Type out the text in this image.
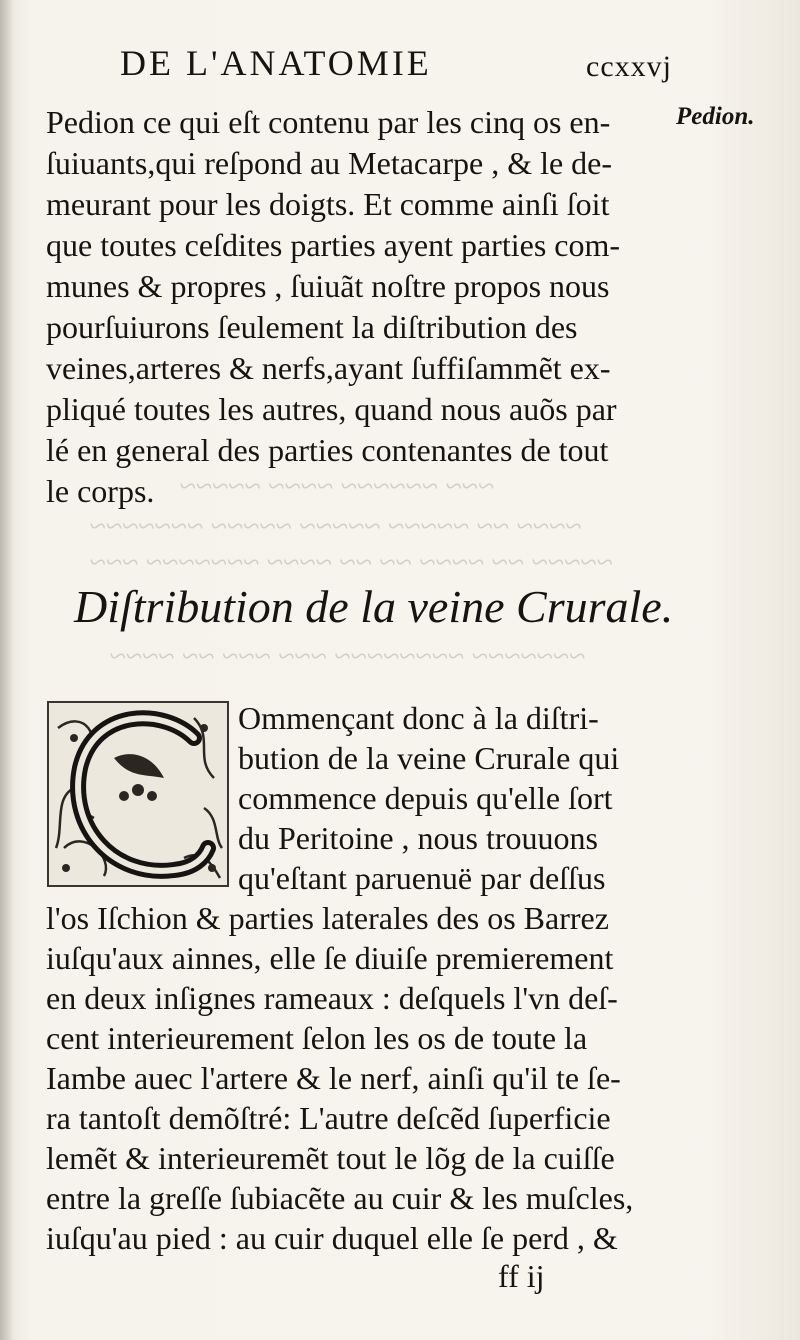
~~~ ~~~~~~ ~~~~ ~~~~~
~~~~ ~~ ~~~~~ ~~~~~ ~~~~~ ~~~~~~~
~~~~~ ~~ ~~~~ ~~ ~~ ~~~~ ~~~~~~~ ~~~
~~~~~~~ ~~~~~~~~ ~~~ ~~~ ~~ ~~~~
DE L'ANATOMIE	ccxxvj
Pedion.
Pedion ce qui eſt contenu par les cinq os en-
ſuiuants,qui reſpond au Metacarpe , & le de-
meurant pour les doigts. Et comme ainſi ſoit
que toutes ceſdites parties ayent parties com-
munes & propres , ſuiuãt noſtre propos nous
pourſuiurons ſeulement la diſtribution des
veines,arteres & nerfs,ayant ſuffiſammẽt ex-
pliqué toutes les autres, quand nous auõs par
lé en general des parties contenantes de tout
le corps.
Diſtribution de la veine Crurale.
Ommençant donc à la diſtri-
bution de la veine Crurale qui
commence depuis qu'elle ſort
du Peritoine , nous trouuons
qu'eſtant paruenuë par deſſus
l'os Iſchion & parties laterales des os Barrez
iuſqu'aux ainnes, elle ſe diuiſe premierement
en deux inſignes rameaux : deſquels l'vn deſ-
cent interieurement ſelon les os de toute la
Iambe auec l'artere & le nerf, ainſi qu'il te ſe-
ra tantoſt demõſtré: L'autre deſcẽd ſuperficie
lemẽt & interieuremẽt tout le lõg de la cuiſſe
entre la greſſe ſubiacẽte au cuir & les muſcles,
iuſqu'au pied : au cuir duquel elle ſe perd , &
ff ij
